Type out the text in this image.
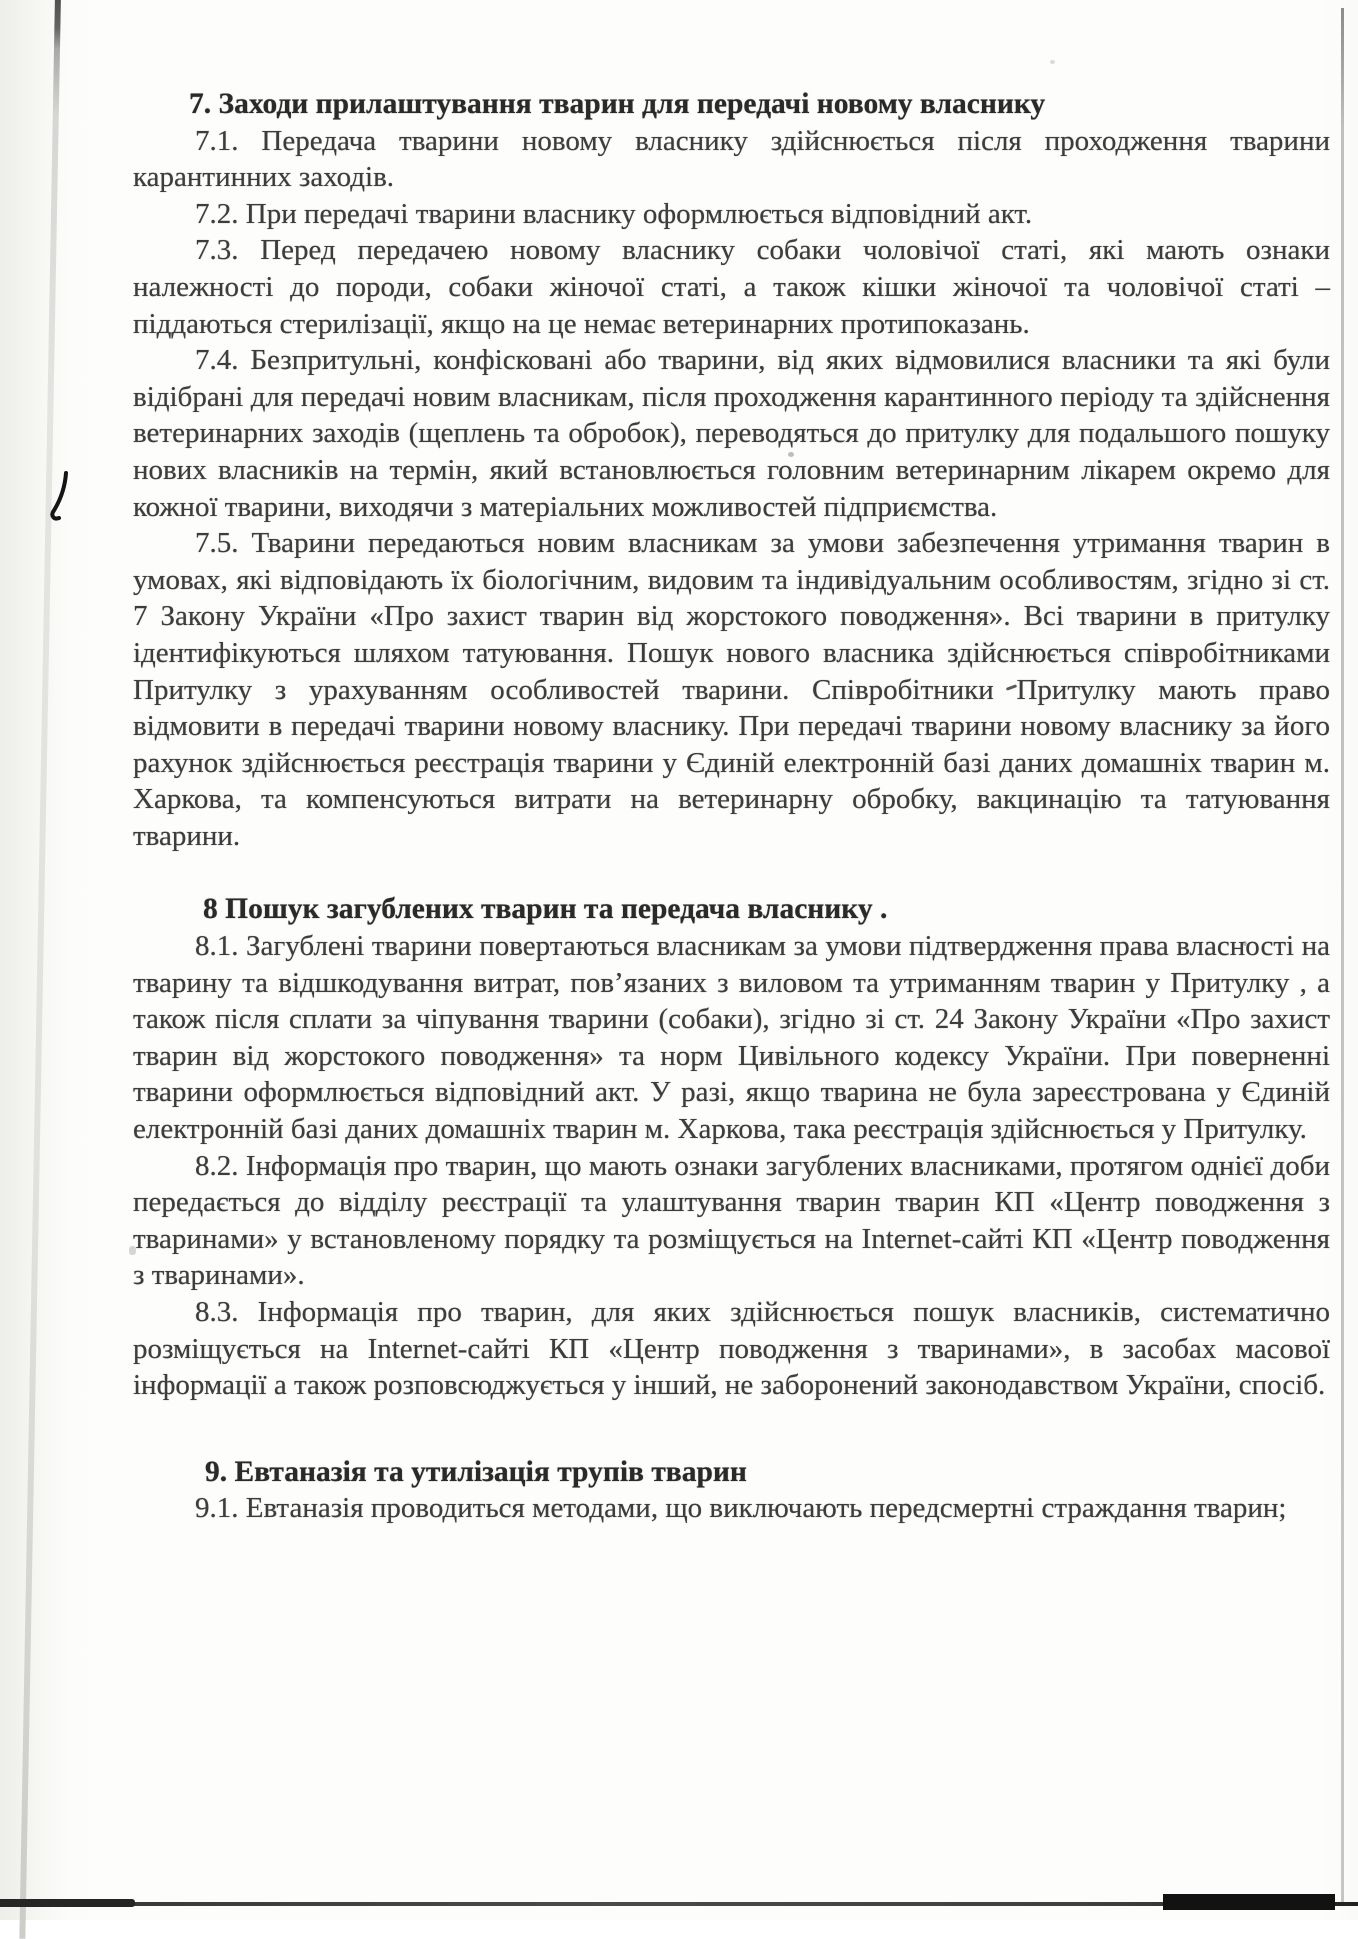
7. Заходи прилаштування тварин для передачі новому власнику

7.1. Передача тварини новому власнику здійснюється після проходження тварини карантинних заходів.

7.2. При передачі тварини власнику оформлюється відповідний акт.

7.3. Перед передачею новому власнику собаки чоловічої статі, які мають ознаки належності до породи, собаки жіночої статі, а також кішки жіночої та чоловічої статі – піддаються стерилізації, якщо на це немає ветеринарних протипоказань.

7.4. Безпритульні, конфісковані або тварини, від яких відмовилися власники та які були відібрані для передачі новим власникам, після проходження карантинного періоду та здійснення ветеринарних заходів (щеплень та обробок), переводяться до притулку для подальшого пошуку нових власників на термін, який встановлюється головним ветеринарним лікарем окремо для кожної тварини, виходячи з матеріальних можливостей підприємства.

7.5. Тварини передаються новим власникам за умови забезпечення утримання тварин в умовах, які відповідають їх біологічним, видовим та індивідуальним особливостям, згідно зі ст. 7 Закону України «Про захист тварин від жорстокого поводження». Всі тварини в притулку ідентифікуються шляхом татуювання. Пошук нового власника здійснюється співробітниками Притулку з урахуванням особливостей тварини. Співробітники Притулку мають право відмовити в передачі тварини новому власнику. При передачі тварини новому власнику за його рахунок здійснюється реєстрація тварини у Єдиній електронній базі даних домашніх тварин м. Харкова, та компенсуються витрати на ветеринарну обробку, вакцинацію та татуювання тварини.

8 Пошук загублених тварин та передача власнику .

8.1. Загублені тварини повертаються власникам за умови підтвердження права власності на тварину та відшкодування витрат, пов’язаних з виловом та утриманням тварин у Притулку , а також після сплати за чіпування тварини (собаки), згідно зі ст. 24 Закону України «Про захист тварин від жорстокого поводження» та норм Цивільного кодексу України. При поверненні тварини оформлюється відповідний акт. У разі, якщо тварина не була зареєстрована у Єдиній електронній базі даних домашніх тварин м. Харкова, така реєстрація здійснюється у Притулку.

8.2. Інформація про тварин, що мають ознаки загублених власниками, протягом однієї доби передається до відділу реєстрації та улаштування тварин тварин КП «Центр поводження з тваринами» у встановленому порядку та розміщується на Internet-сайті КП «Центр поводження з тваринами».

8.3. Інформація про тварин, для яких здійснюється пошук власників, систематично розміщується на Internet-сайті КП «Центр поводження з тваринами», в засобах масової інформації а також розповсюджується у інший, не заборонений законодавством України, спосіб.

9. Евтаназія та утилізація трупів тварин

9.1. Евтаназія проводиться методами, що виключають передсмертні страждання тварин;
